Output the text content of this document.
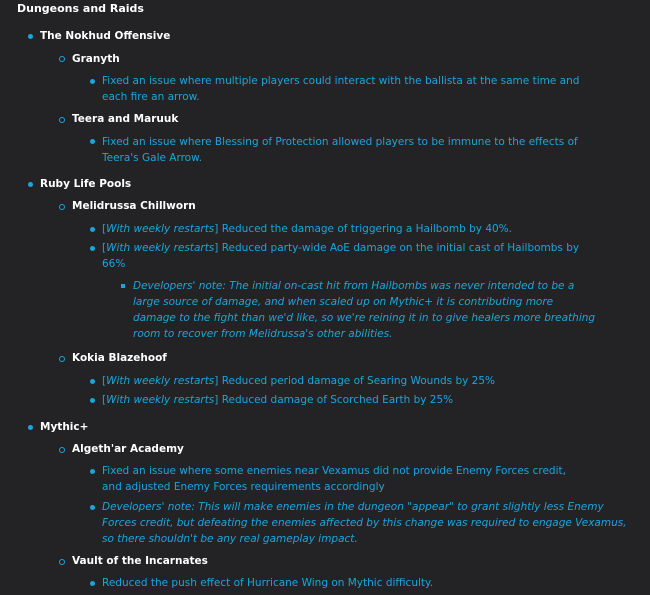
Dungeons and Raids
The Nokhud Offensive
Granyth
Fixed an issue where multiple players could interact with the ballista at the same time and
each fire an arrow.
Teera and Maruuk
Fixed an issue where Blessing of Protection allowed players to be immune to the effects of
Teera's Gale Arrow.
Ruby Life Pools
Melidrussa Chillworn
[With weekly restarts] Reduced the damage of triggering a Hailbomb by 40%.
[With weekly restarts] Reduced party-wide AoE damage on the initial cast of Hailbombs by
66%
Developers' note: The initial on-cast hit from Hailbombs was never intended to be a
large source of damage, and when scaled up on Mythic+ it is contributing more
damage to the fight than we'd like, so we're reining it in to give healers more breathing
room to recover from Melidrussa's other abilities.
Kokia Blazehoof
[With weekly restarts] Reduced period damage of Searing Wounds by 25%
[With weekly restarts] Reduced damage of Scorched Earth by 25%
Mythic+
Algeth'ar Academy
Fixed an issue where some enemies near Vexamus did not provide Enemy Forces credit,
and adjusted Enemy Forces requirements accordingly
Developers' note: This will make enemies in the dungeon "appear" to grant slightly less Enemy
Forces credit, but defeating the enemies affected by this change was required to engage Vexamus,
so there shouldn't be any real gameplay impact.
Vault of the Incarnates
Reduced the push effect of Hurricane Wing on Mythic difficulty.
